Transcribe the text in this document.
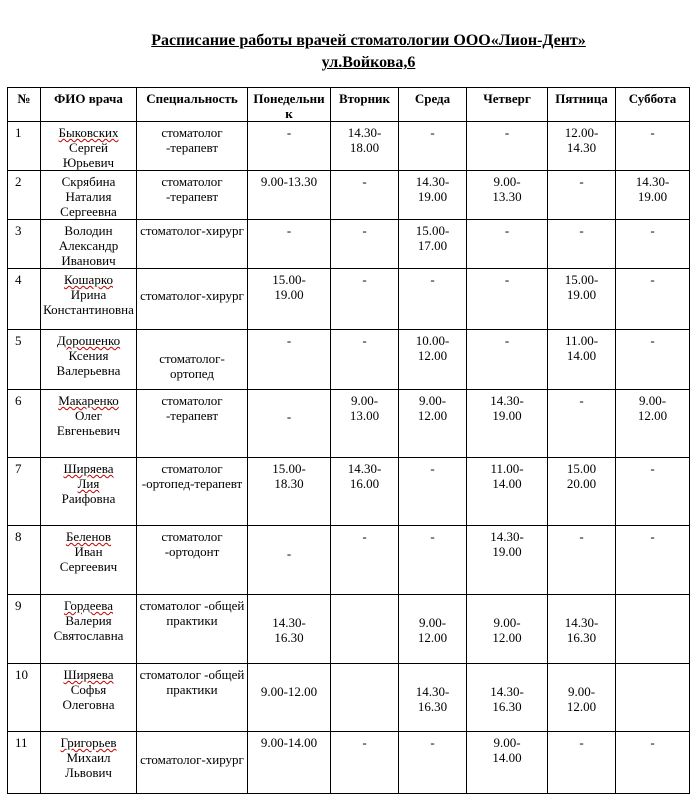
Расписание работы врачей стоматологии ООО«Лион-Дент»
ул.Войкова,6
№	ФИО врача	Специальность	Понедельник	Вторник	Среда	Четверг	Пятница	Суббота
1	Быковских
Сергей
Юрьевич	стоматолог -терапевт	-	14.30-18.00	-	-	12.00-14.30	-

2	Скрябина
Наталия
Сергеевна	стоматолог -терапевт	9.00-13.30	-	14.30-19.00	9.00-13.30	-	14.30-19.00

3	Володин
Александр
Иванович	стоматолог-хирург	-	-	15.00-17.00	-	-	-

4	Кошарко
Ирина
Константиновна	стоматолог-хирург	15.00-19.00	-	-	-	15.00-19.00	-

5	Дорошенко
Ксения
Валерьевна	стоматолог-ортопед	-	-	10.00-12.00	-	11.00-14.00	-

6	Макаренко
Олег
Евгеньевич	стоматолог -терапевт	-	9.00-13.00	9.00-12.00	14.30-19.00	-	9.00-12.00

7	Ширяева
Лия
Раифовна	стоматолог -ортопед-терапевт	15.00-18.30	14.30-16.00	-	11.00-14.00	15.00 20.00	-

8	Беленов
Иван
Сергеевич	стоматолог -ортодонт	-	-	-	14.30-19.00	-	-

9	Гордеева
Валерия
Святославна	стоматолог -общей практики	14.30-16.30		9.00-12.00	9.00-12.00	14.30-16.30	

10	Ширяева
Софья
Олеговна	стоматолог -общей практики	9.00-12.00		14.30-16.30	14.30-16.30	9.00-12.00	

11	Григорьев
Михаил
Львович	стоматолог-хирург	9.00-14.00	-	-	9.00-14.00	-	-
